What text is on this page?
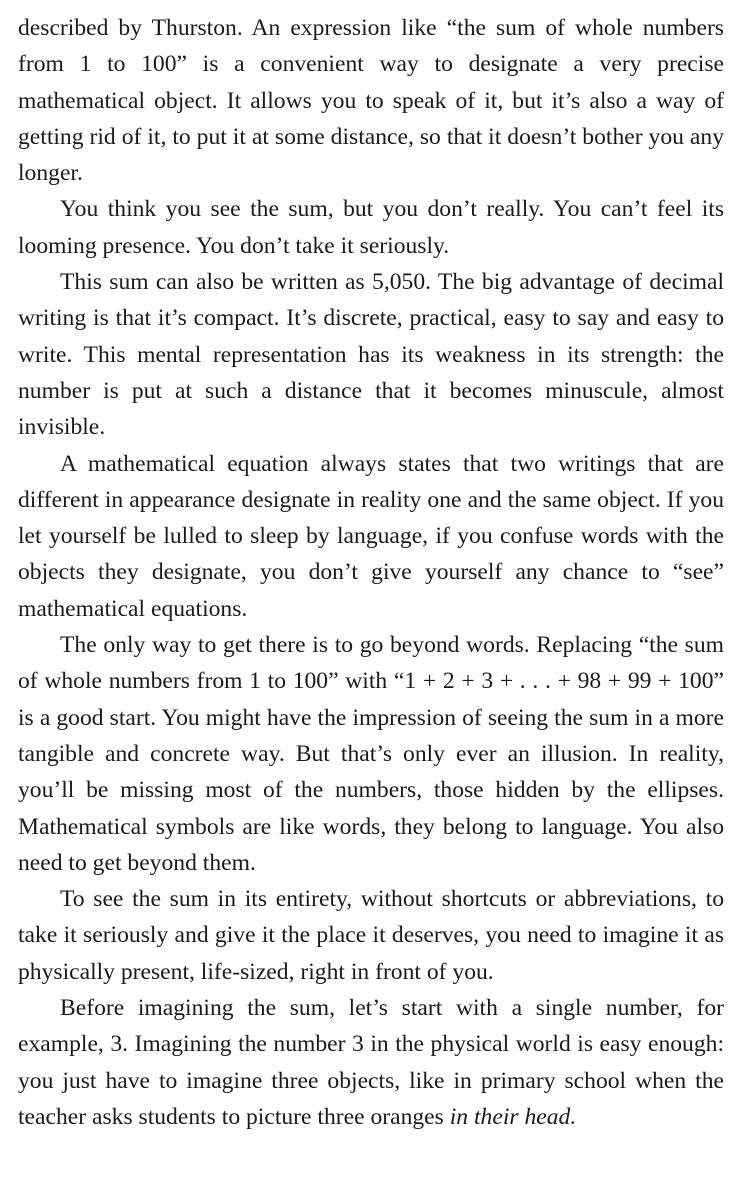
described by Thurston. An expression like “the sum of whole numbers from 1 to 100” is a convenient way to designate a very precise mathematical object. It allows you to speak of it, but it’s also a way of getting rid of it, to put it at some distance, so that it doesn’t bother you any longer.

You think you see the sum, but you don’t really. You can’t feel its looming presence. You don’t take it seriously.

This sum can also be written as 5,050. The big advantage of decimal writing is that it’s compact. It’s discrete, practical, easy to say and easy to write. This mental representation has its weakness in its strength: the number is put at such a distance that it becomes minuscule, almost invisible.

A mathematical equation always states that two writings that are different in appearance designate in reality one and the same object. If you let yourself be lulled to sleep by language, if you confuse words with the objects they designate, you don’t give yourself any chance to “see” mathematical equations.

The only way to get there is to go beyond words. Replacing “the sum of whole numbers from 1 to 100” with “1 + 2 + 3 + . . . + 98 + 99 + 100” is a good start. You might have the impression of seeing the sum in a more tangible and concrete way. But that’s only ever an illusion. In reality, you’ll be missing most of the numbers, those hidden by the ellipses. Mathematical symbols are like words, they belong to language. You also need to get beyond them.

To see the sum in its entirety, without shortcuts or abbreviations, to take it seriously and give it the place it deserves, you need to imagine it as physically present, life-sized, right in front of you.

Before imagining the sum, let’s start with a single number, for example, 3. Imagining the number 3 in the physical world is easy enough: you just have to imagine three objects, like in primary school when the teacher asks students to picture three oranges in their head.
